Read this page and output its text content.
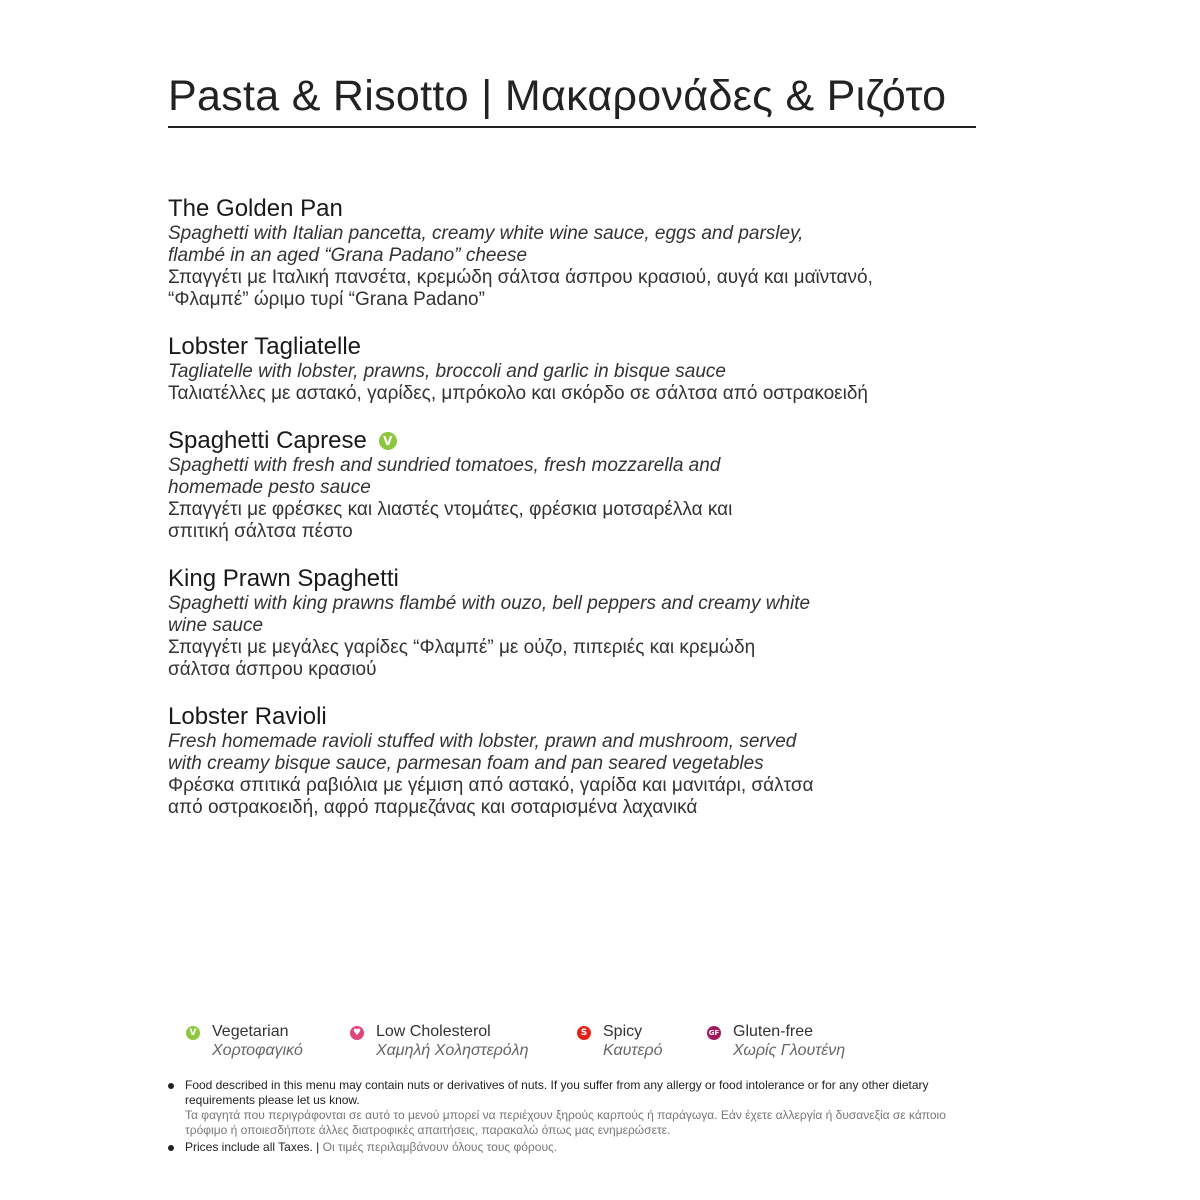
Pasta & Risotto | Μακαρονάδες & Ριζότο
The Golden Pan
Spaghetti with Italian pancetta, creamy white wine sauce, eggs and parsley,
flambé in an aged “Grana Padano” cheese
Σπαγγέτι με Ιταλική πανσέτα, κρεμώδη σάλτσα άσπρου κρασιού, αυγά και μαϊντανό,
“Φλαμπέ” ώριμο τυρί “Grana Padano”
Lobster Tagliatelle
Tagliatelle with lobster, prawns, broccoli and garlic in bisque sauce
Ταλιατέλλες με αστακό, γαρίδες, μπρόκολο και σκόρδο σε σάλτσα από οστρακοειδή
Spaghetti Caprese	V
Spaghetti with fresh and sundried tomatoes, fresh mozzarella and
homemade pesto sauce
Σπαγγέτι με φρέσκες και λιαστές ντομάτες, φρέσκια μοτσαρέλλα και
σπιτική σάλτσα πέστο
King Prawn Spaghetti
Spaghetti with king prawns flambé with ouzo, bell peppers and creamy white
wine sauce
Σπαγγέτι με μεγάλες γαρίδες “Φλαμπέ” με ούζο, πιπεριές και κρεμώδη
σάλτσα άσπρου κρασιού
Lobster Ravioli
Fresh homemade ravioli stuffed with lobster, prawn and mushroom, served
with creamy bisque sauce, parmesan foam and pan seared vegetables
Φρέσκα σπιτικά ραβιόλια με γέμιση από αστακό, γαρίδα και μανιτάρι, σάλτσα
από οστρακοειδή, αφρό παρμεζάνας και σοταρισμένα λαχανικά
V Vegetarian
Χορτοφαγικό
♥ Low Cholesterol
Χαμηλή Χοληστερόλη
S Spicy
Καυτερό
GF Gluten-free
Χωρίς Γλουτένη
Food described in this menu may contain nuts or derivatives of nuts. If you suffer from any allergy or food intolerance or for any other dietary requirements please let us know.
Τα φαγητά που περιγράφονται σε αυτό το μενού μπορεί να περιέχουν ξηρούς καρπούς ή παράγωγα. Εάν έχετε αλλεργία ή δυσανεξία σε κάποιο τρόφιμο ή οποιεσδήποτε άλλες διατροφικές απαιτήσεις, παρακαλώ όπως μας ενημερώσετε.
Prices include all Taxes. | Οι τιμές περιλαμβάνουν όλους τους φόρους.
